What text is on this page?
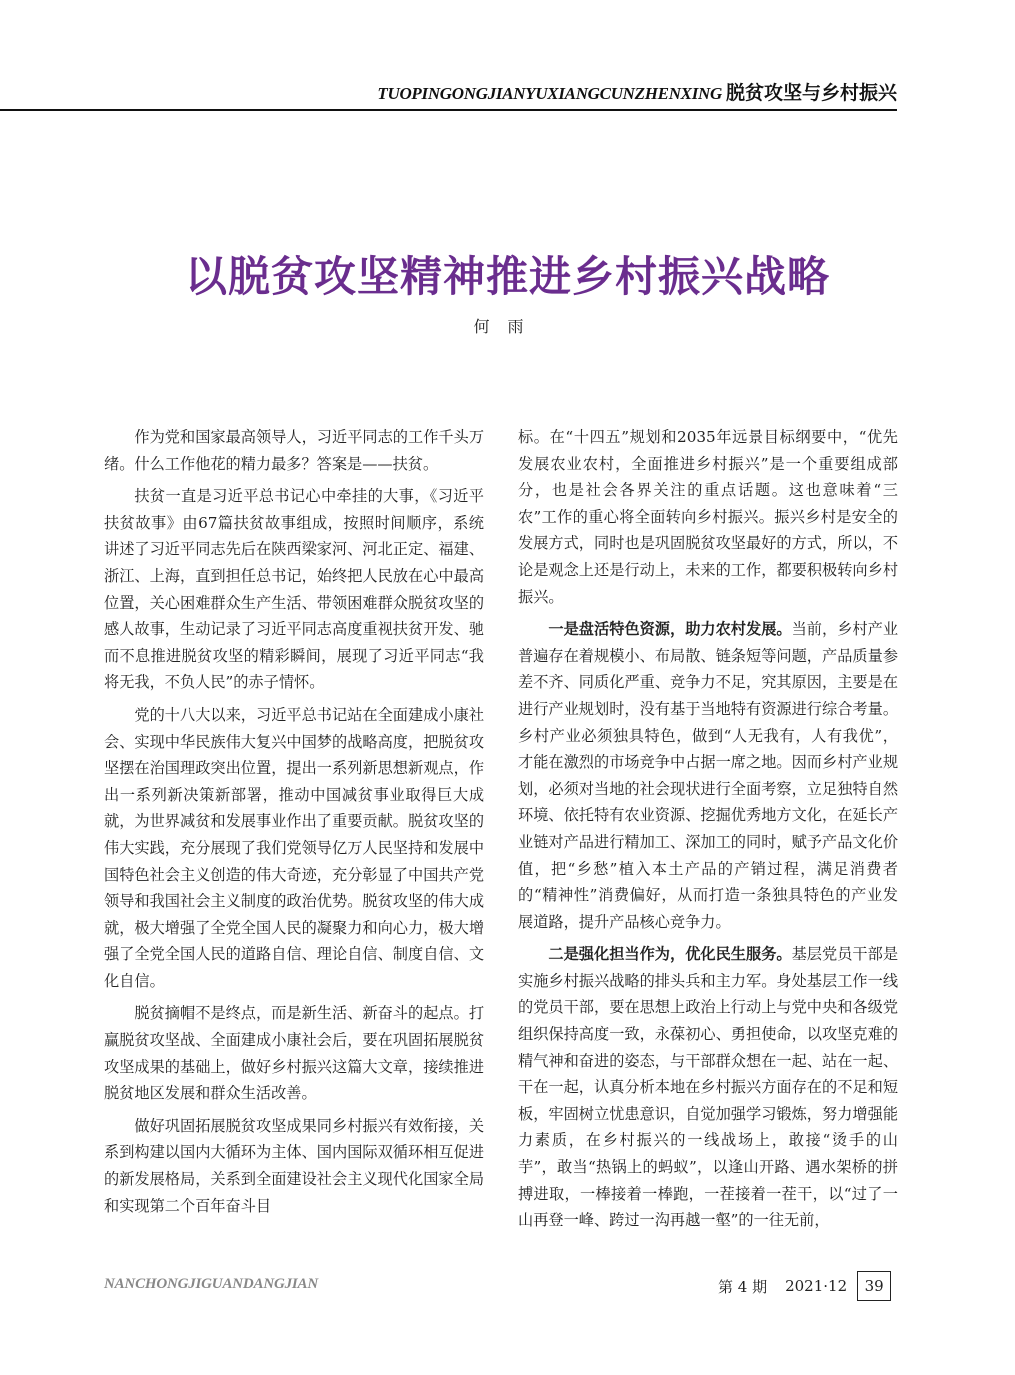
TUOPINGONGJIANYUXIANGCUNZHENXING 脱贫攻坚与乡村振兴
以脱贫攻坚精神推进乡村振兴战略
何雨

作为党和国家最高领导人，习近平同志的工作千头万绪。什么工作他花的精力最多？答案是——扶贫。

扶贫一直是习近平总书记心中牵挂的大事，《习近平扶贫故事》由67篇扶贫故事组成，按照时间顺序，系统讲述了习近平同志先后在陕西梁家河、河北正定、福建、浙江、上海，直到担任总书记，始终把人民放在心中最高位置，关心困难群众生产生活、带领困难群众脱贫攻坚的感人故事，生动记录了习近平同志高度重视扶贫开发、驰而不息推进脱贫攻坚的精彩瞬间，展现了习近平同志“我将无我，不负人民”的赤子情怀。

党的十八大以来，习近平总书记站在全面建成小康社会、实现中华民族伟大复兴中国梦的战略高度，把脱贫攻坚摆在治国理政突出位置，提出一系列新思想新观点，作出一系列新决策新部署，推动中国减贫事业取得巨大成就，为世界减贫和发展事业作出了重要贡献。脱贫攻坚的伟大实践，充分展现了我们党领导亿万人民坚持和发展中国特色社会主义创造的伟大奇迹，充分彰显了中国共产党领导和我国社会主义制度的政治优势。脱贫攻坚的伟大成就，极大增强了全党全国人民的凝聚力和向心力，极大增强了全党全国人民的道路自信、理论自信、制度自信、文化自信。

脱贫摘帽不是终点，而是新生活、新奋斗的起点。打赢脱贫攻坚战、全面建成小康社会后，要在巩固拓展脱贫攻坚成果的基础上，做好乡村振兴这篇大文章，接续推进脱贫地区发展和群众生活改善。

做好巩固拓展脱贫攻坚成果同乡村振兴有效衔接，关系到构建以国内大循环为主体、国内国际双循环相互促进的新发展格局，关系到全面建设社会主义现代化国家全局和实现第二个百年奋斗目

标。在“十四五”规划和2035年远景目标纲要中，“优先发展农业农村，全面推进乡村振兴”是一个重要组成部分，也是社会各界关注的重点话题。这也意味着“三农”工作的重心将全面转向乡村振兴。振兴乡村是安全的发展方式，同时也是巩固脱贫攻坚最好的方式，所以，不论是观念上还是行动上，未来的工作，都要积极转向乡村振兴。

一是盘活特色资源，助力农村发展。当前，乡村产业普遍存在着规模小、布局散、链条短等问题，产品质量参差不齐、同质化严重、竞争力不足，究其原因，主要是在进行产业规划时，没有基于当地特有资源进行综合考量。乡村产业必须独具特色，做到“人无我有，人有我优”，才能在激烈的市场竞争中占据一席之地。因而乡村产业规划，必须对当地的社会现状进行全面考察，立足独特自然环境、依托特有农业资源、挖掘优秀地方文化，在延长产业链对产品进行精加工、深加工的同时，赋予产品文化价值，把“乡愁”植入本土产品的产销过程，满足消费者的“精神性”消费偏好，从而打造一条独具特色的产业发展道路，提升产品核心竞争力。

二是强化担当作为，优化民生服务。基层党员干部是实施乡村振兴战略的排头兵和主力军。身处基层工作一线的党员干部，要在思想上政治上行动上与党中央和各级党组织保持高度一致，永葆初心、勇担使命，以攻坚克难的精气神和奋进的姿态，与干部群众想在一起、站在一起、干在一起，认真分析本地在乡村振兴方面存在的不足和短板，牢固树立忧患意识，自觉加强学习锻炼，努力增强能力素质，在乡村振兴的一线战场上，敢接“烫手的山芋”，敢当“热锅上的蚂蚁”，以逢山开路、遇水架桥的拼搏进取，一棒接着一棒跑，一茬接着一茬干，以“过了一山再登一峰、跨过一沟再越一壑”的一往无前，

NANCHONGJIGUANDANGJIAN	第 4 期 2021·12	39
